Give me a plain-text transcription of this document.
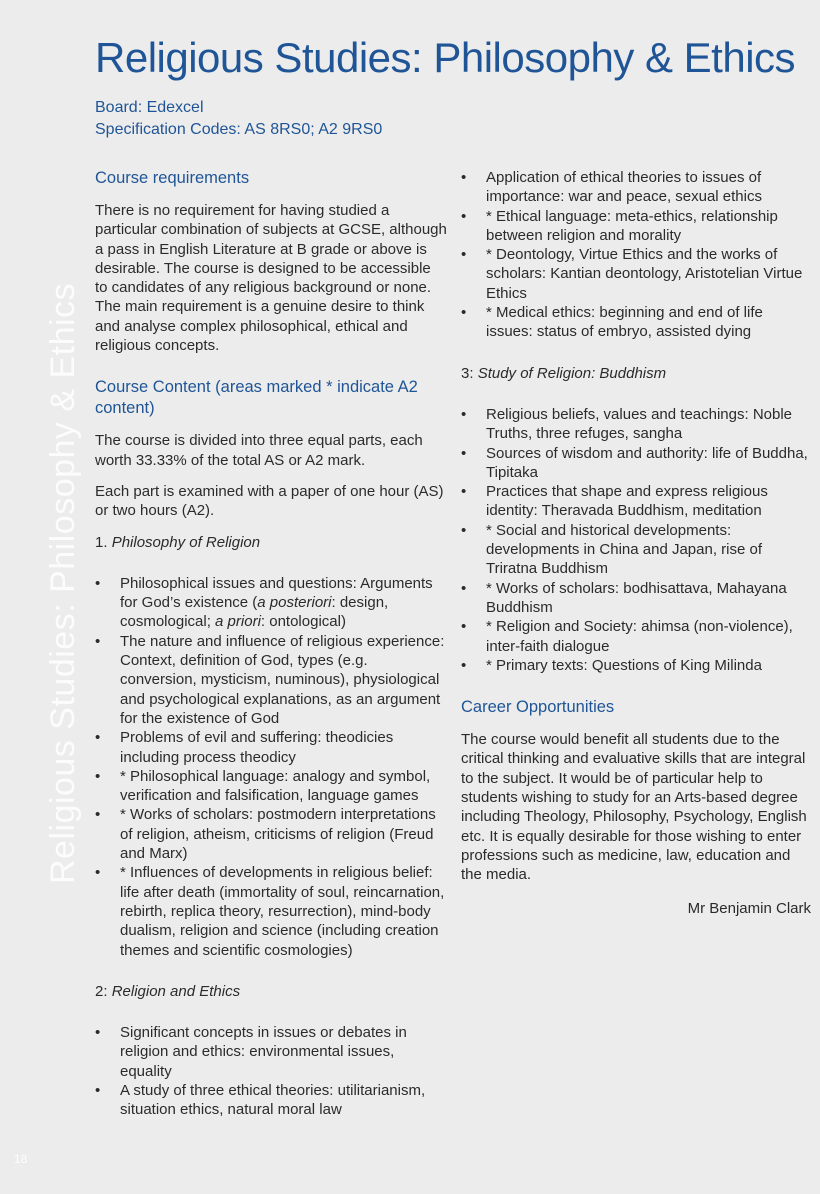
Religious Studies: Philosophy & Ethics
18
Religious Studies: Philosophy & Ethics
Board: Edexcel
Specification Codes: AS 8RS0; A2 9RS0
Course requirements

There is no requirement for having studied a particular combination of subjects at GCSE, although a pass in English Literature at B grade or above is desirable. The course is designed to be accessible to candidates of any religious background or none. The main requirement is a genuine desire to think and analyse complex philosophical, ethical and religious concepts.

Course Content (areas marked * indicate A2 content)

The course is divided into three equal parts, each worth 33.33% of the total AS or A2 mark.

Each part is examined with a paper of one hour (AS) or two hours (A2).

1. Philosophy of Religion
• Philosophical issues and questions: Arguments for God’s existence (a posteriori: design, cosmological; a priori: ontological)
• The nature and influence of religious experience: Context, definition of God, types (e.g. conversion, mysticism, numinous), physiological and psychological explanations, as an argument for the existence of God
• Problems of evil and suffering: theodicies including process theodicy
• * Philosophical language: analogy and symbol, verification and falsification, language games
• * Works of scholars: postmodern interpretations of religion, atheism, criticisms of religion (Freud and Marx)
• * Influences of developments in religious belief: life after death (immortality of soul, reincarnation, rebirth, replica theory, resurrection), mind-body dualism, religion and science (including creation themes and scientific cosmologies)
2: Religion and Ethics
• Significant concepts in issues or debates in religion and ethics: environmental issues, equality
• A study of three ethical theories: utilitarianism, situation ethics, natural moral law
• Application of ethical theories to issues of importance: war and peace, sexual ethics
• * Ethical language: meta-ethics, relationship between religion and morality
• * Deontology, Virtue Ethics and the works of scholars: Kantian deontology, Aristotelian Virtue Ethics
• * Medical ethics: beginning and end of life issues: status of embryo, assisted dying
3: Study of Religion: Buddhism
• Religious beliefs, values and teachings: Noble Truths, three refuges, sangha
• Sources of wisdom and authority: life of Buddha, Tipitaka
• Practices that shape and express religious identity: Theravada Buddhism, meditation
• * Social and historical developments: developments in China and Japan, rise of Triratna Buddhism
• * Works of scholars: bodhisattava, Mahayana Buddhism
• * Religion and Society: ahimsa (non-violence), inter-faith dialogue
• * Primary texts: Questions of King Milinda
Career Opportunities

The course would benefit all students due to the critical thinking and evaluative skills that are integral to the subject. It would be of particular help to students wishing to study for an Arts-based degree including Theology, Philosophy, Psychology, English etc. It is equally desirable for those wishing to enter professions such as medicine, law, education and the media.

Mr Benjamin Clark
